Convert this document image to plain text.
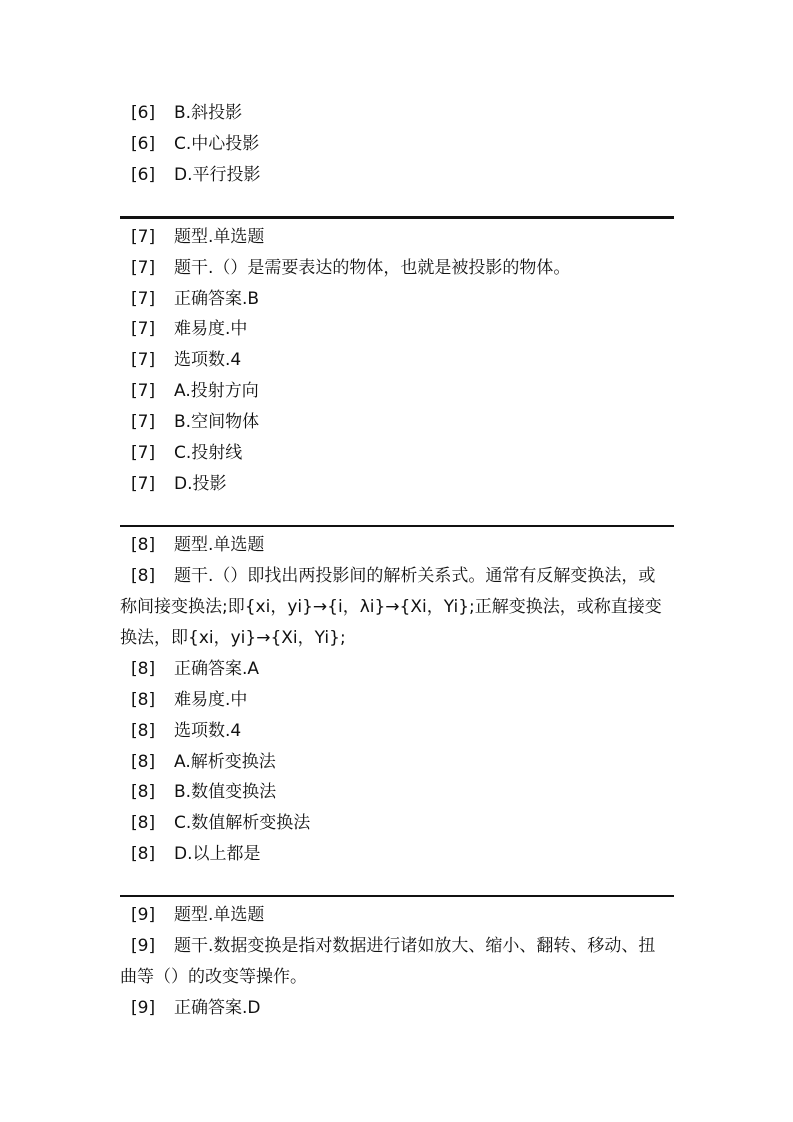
[6] B.斜投影
[6] C.中心投影
[6] D.平行投影
[7] 题型.单选题
[7] 题干.（）是需要表达的物体，也就是被投影的物体。
[7] 正确答案.B
[7] 难易度.中
[7] 选项数.4
[7] A.投射方向
[7] B.空间物体
[7] C.投射线
[7] D.投影
[8] 题型.单选题
[8] 题干.（）即找出两投影间的解析关系式。通常有反解变换法，或称间接变换法;即{xi，yi}→{i，λi}→{Xi，Yi};正解变换法，或称直接变换法，即{xi，yi}→{Xi，Yi};
[8] 正确答案.A
[8] 难易度.中
[8] 选项数.4
[8] A.解析变换法
[8] B.数值变换法
[8] C.数值解析变换法
[8] D.以上都是
[9] 题型.单选题
[9] 题干.数据变换是指对数据进行诸如放大、缩小、翻转、移动、扭曲等（）的改变等操作。
[9] 正确答案.D
